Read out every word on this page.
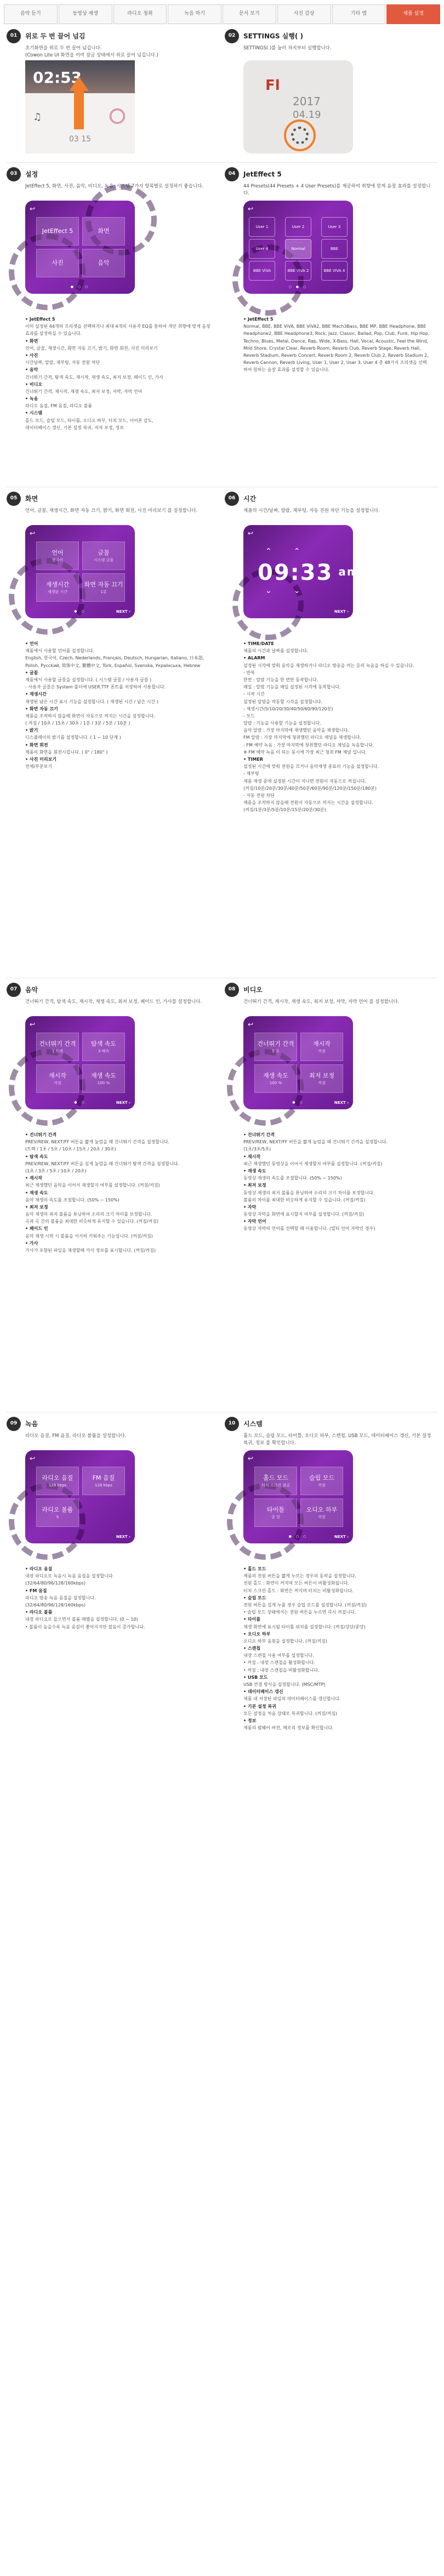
음악 듣기	동영상 재생	라디오 청취	녹음 하기	문서 보기	사진 감상	기타 앱	제품 설정
01	위로 두 번 끌어 넘김
초기화면을 위로 두 번 끌어 넘깁니다.
(Cowon Lite UI 화면을 이미 잠금 상태에서 위로 끌어 넘깁니다.)
02:53
♫
03 15
02	SETTINGS 실행( )
SETTINGS( )를 눌러 차지부터 실행합니다.
Fl
2017
04.19
03	설정
JetEffect 5, 화면, 사진, 음악, 비디오, 녹음, 시스템 7가지 항목별로 설정하기 좋습니다.
↩
JetEffect 5	화면
사진	음악
● ○ ○
04	JetEffect 5
44 Presets(44 Presets + 4 User Presets)를 제공하여 취향에 맞게 음장 효과를 설정합니다.
↩
User 1	User 2	User 3
User 4	Normal	BBE
BBE ViVA	BBE ViVA 2	BBE ViVA 4
○ ● ○
• JetEffect 5
이미 설정된 44개의 프리셋을 선택하거나 최대 4개의 사용자 EQ를 통하여 개인 취향에 맞게 음장 효과를 설정하실 수 있습니다.
• 화면
언어, 글꼴, 재생시간, 화면 자동 끄기, 밝기, 화면 회전, 사진 미리보기
• 사진
시간날짜, 알람, 재부팅, 자동 전원 차단
• 음악
건너뛰기 간격, 탐색 속도, 재시작, 재생 속도, 최저 보정, 페이드 인, 가사
• 비디오
건너뛰기 간격, 재시작, 재생 속도, 최저 보정, 자막, 자막 언어
• 녹음
라디오 음질, FM 음질, 라디오 볼륨
• 시스템
홀드 모드, 슬립 모드, 타이틀, 오디오 하부, 터치 모드, 이어폰 감도,
데이터베이스 갱신, 기본 설정 복귀, 저자 보정, 정보
• JetEffect 5
Normal, BBE, BBE ViVA, BBE ViVA2, BBE Mach3Bass, BBE MP, BBE Headphone, BBE Headphone2, BBE Headphone3, Rock, Jazz, Classic, Ballad, Pop, Club, Funk, Hip Hop, Techno, Blues, Metal, Dance, Rap, Wide, X-Bass, Hall, Vocal, Acoustic, Feel the Wind, Mild Shore, Crystal Clear, Reverb Room, Reverb Club, Reverb Stage, Reverb Hall, Reverb Stadium, Reverb Concert, Reverb Room 2, Reverb Club 2, Reverb Stadium 2, Reverb Cannon, Reverb Living, User 1, User 2, User 3, User 4 총 48가지 프리셋을 선택하여 원하는 음장 효과를 설정할 수 있습니다.
05	화면
언어, 글꼴, 재생시간, 화면 자동 끄기, 밝기, 화면 회전, 사진 미리보기 를 설정합니다.
↩
언어
한국어
글꼴
시스템 글꼴
재생시간
재생된 시간
화면 자동 끄기
1분
● ○	NEXT ›
06	시간
제품의 시간/날짜, 알람, 재부팅, 자동 전원 차단 기능을 설정합니다.
↩
⌃         ⌃
09 : 33 am
⌄         ⌄
NEXT ›
• 언어
제품에서 사용할 언어를 설정합니다.
English, 한국어, Czech, Nederlands, Français, Deutsch, Hungarian, Italiano, 日本語, Polish, Pycckий, 简体中文, 繁體中文, Türk, Español, Svenska, Українська, Hebrew
• 글꼴
제품에서 사용할 글꼴을 설정합니다. ( 시스템 글꼴 / 사용자 글꼴 )
- 사용자 글꼴은 System 폴더에 USER.TTF 폰트를 저장하여 사용합니다.
• 재생시간
재생된 남은 시간 표시 기능을 설정합니다. ( 재생된 시간 / 남은 시간 )
• 화면 자동 끄기
제품을 조작하지 않을때 화면이 자동으로 꺼지는 시간을 설정합니다.
( 켜짐 / 10초 / 15초 / 30초 / 1분 / 3분 / 5분 / 10분 )
• 밝기
디스플레이의 밝기를 설정합니다. ( 1 ~ 10 단계 )
• 화면 회전
제품의 화면을 회전시킵니다. ( 0° / 180° )
• 사진 미리보기
전체/부분보기
• TIME/DATE
제품의 시간과 날짜를 설정합니다.
• ALARM
설정된 시각에 맞춰 음악을 재생하거나 라디오 방송을 켜는 등의 녹음을 하실 수 있습니다.
- 반복
한번 : 알람 기능을 한 번만 동작합니다.
매일 : 알람 기능을 매일 설정된 시각에 동작합니다.
- 시작 시간
설정된 알람을 작동할 시각을 설정합니다.
- 재생시간(5/10/20/30/40/50/60/90/120분)
- 모드
알람 : 기능을 사용할 기능을 설정합니다.
음악 알람 : 가장 마지막에 재생했던 음악을 재생합니다.
FM 알람 : 가장 마지막에 청취했던 라디오 채널을 재생합니다.
- FM 예약 녹음 : 가장 마지막에 청취했던 라디오 채널을 녹음합니다.
※ FM 예약 녹음 이 되는 동시에 가장 최근 청취 FM 채널 입니다.
• TIMER
설정된 시간에 맞춰 전원을 끄거나 음악재생 종료의 기능을 설정합니다.
- 재부팅
제품 재생 중에 설정된 시간이 지나면 전원이 자동으로 꺼집니다.
(꺼짐/10분/20분/30분/40분/50분/60분/90분/120분/150분/180분)
- 자동 전원 차단
제품을 조작하지 않을때 전원이 자동으로 꺼지는 시간을 설정합니다.
(꺼짐/1분/3분/5분/10분/15분/20분/30분)
07	음악
건너뛰기 간격, 탐색 속도, 재시작, 재생 속도, 최저 보정, 페이드 인, 가사를 설정합니다.
↩
건너뛰기 간격
1 트랙
탐색 속도
3 배속
재시작
켜짐
재생 속도
100 %
● ○	NEXT ›
08	비디오
건너뛰기 간격, 재시작, 재생 속도, 최저 보정, 자막, 자막 언어 를 설정합니다.
↩
건너뛰기 간격
5 초
재시작
켜짐
재생 속도
100 %
최저 보정
켜짐
● ○	NEXT ›
• 건너뛰기 간격
PREV/REW, NEXT/FF 버튼을 짧게 눌렀을 때 건너뛰기 간격을 설정합니다.
(트랙 / 1초 / 5초 / 10초 / 15초 / 20초 / 30초)
• 탐색 속도
PREV/REW, NEXT/FF 버튼을 길게 눌렀을 때 건너뛰기 탐색 간격을 설정합니다.
(1초 / 3초 / 5초 / 10초 / 20초)
• 재시작
최근 재생했던 음악을 이어서 재생할지 여부를 설정합니다. (꺼짐/켜짐)
• 재생 속도
음악 재생의 속도를 조절합니다. (50% ~ 150%)
• 최저 보정
음악 재생의 최저 볼륨을 튜닝하여 소리의 크기 차이를 보정합니다.
곡과 곡 간의 볼륨을 최대한 비슷하게 유지할 수 있습니다. (꺼짐/켜짐)
• 페이드 인
음악 재생 시작 시 볼륨을 서서히 키워주는 기능입니다. (꺼짐/켜짐)
• 가사
가사가 포함된 파일을 재생할때 가사 정보를 표시합니다. (꺼짐/켜짐)
• 건너뛰기 간격
PREV/REW, NEXT/FF 버튼을 짧게 눌렀을 때 건너뛰기 간격을 설정합니다.
(1초/3초/5초)
• 재시작
최근 재생했던 동영상을 이어서 재생할지 여부를 설정합니다. (꺼짐/켜짐)
• 재생 속도
동영상 재생의 속도를 조절합니다. (50% ~ 150%)
• 최저 보정
동영상 재생의 최저 볼륨을 튜닝하여 소리의 크기 차이를 보정합니다.
볼륨의 차이를 최대한 비슷하게 유지할 수 있습니다. (꺼짐/켜짐)
• 자막
동영상 자막을 화면에 표시할지 여부를 설정합니다. (꺼짐/켜짐)
• 자막 언어
동영상 자막의 언어를 선택할 때 이용합니다. (멀티 언어 자막인 경우)
09	녹음
라디오 음질, FM 음질, 라디오 볼륨을 설정합니다.
↩
라디오 음질
128 kbps
FM 음질
128 kbps
라디오 볼륨
5
NEXT ›
10	시스템
홀드 모드, 슬립 모드, 타이틀, 오디오 하부, 스캔칩, USB 모드, 데이터베이스 갱신, 기본 설정 복귀, 정보 를 확인합니다.
↩
홀드 모드
터치 스크린 잠금
슬립 모드
꺼짐
타이틀
중 앙
오디오 하부
꺼짐
● ○ ○	NEXT ›
• 라디오 음질
내장 라디오로 녹음시 녹음 음질을 설정합니다.
(32/64/80/96/128/160kbps)
• FM 음질
라디오 방송 녹음 음질을 설정합니다.
(32/64/80/96/128/160kbps)
• 라디오 볼륨
내장 라디오로 들으면서 볼륨 레벨을 설정합니다. (0 ~ 10)
• 볼륨이 높을수록 녹음 음질이 좋아지지만 잡음이 증가합니다.
• 홀드 모드
제품의 전원 버튼을 짧게 누르는 경우의 동작을 설정합니다.
전원 홀드 : 화면이 꺼지며 모든 버튼이 비활성화됩니다.
터치 스크린 홀드 : 화면은 꺼지며 터치는 비활성화됩니다.
• 슬립 모드
전원 버튼을 길게 누를 경우 슬립 모드를 설정합니다. (꺼짐/켜짐)
• 슬립 모드 상태에서는 전원 버튼을 누르면 즉시 켜집니다.
• 타이틀
재생 화면에 표시될 타이틀 위치를 설정합니다. (꺼짐/상단/중앙)
• 오디오 하부
오디오 하부 음원을 설정합니다. (꺼짐/켜짐)
• 스캔칩
내장 스캔칩 사용 여부를 설정합니다.
• 켜짐 : 내장 스캔칩을 활성화합니다.
• 꺼짐 : 내장 스캔칩을 비활성화합니다.
• USB 모드
USB 연결 방식을 설정합니다. (MSC/MTP)
• 데이터베이스 갱신
제품 내 저장된 파일의 데이터베이스를 갱신합니다.
• 기본 설정 복귀
모든 설정을 처음 상태로 복귀합니다. (꺼짐/켜짐)
• 정보
제품의 펌웨어 버전, 메모리 정보를 확인합니다.
